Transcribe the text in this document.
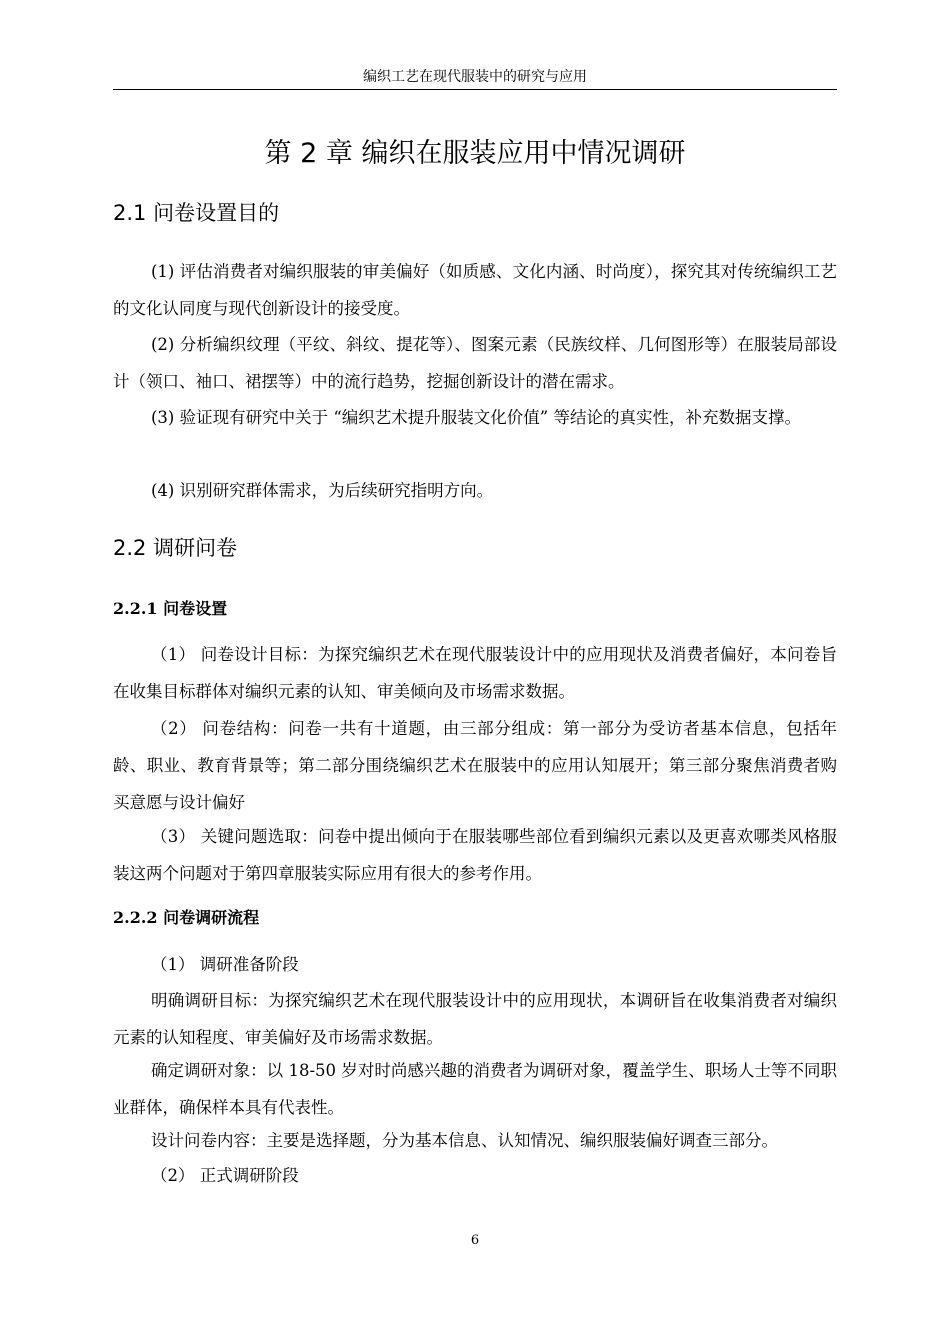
编织工艺在现代服装中的研究与应用
第 2 章 编织在服装应用中情况调研
2.1 问卷设置目的
(1) 评估消费者对编织服装的审美偏好（如质感、文化内涵、时尚度），探究其对传统编织工艺的文化认同度与现代创新设计的接受度。
(2) 分析编织纹理（平纹、斜纹、提花等）、图案元素（民族纹样、几何图形等）在服装局部设计（领口、袖口、裙摆等）中的流行趋势，挖掘创新设计的潜在需求。
(3) 验证现有研究中关于 “编织艺术提升服装文化价值” 等结论的真实性，补充数据支撑。
(4) 识别研究群体需求，为后续研究指明方向。
2.2 调研问卷
2.2.1 问卷设置
（1） 问卷设计目标：为探究编织艺术在现代服装设计中的应用现状及消费者偏好，本问卷旨在收集目标群体对编织元素的认知、审美倾向及市场需求数据。
（2） 问卷结构：问卷一共有十道题，由三部分组成：第一部分为受访者基本信息，包括年龄、职业、教育背景等；第二部分围绕编织艺术在服装中的应用认知展开；第三部分聚焦消费者购买意愿与设计偏好
（3） 关键问题选取：问卷中提出倾向于在服装哪些部位看到编织元素以及更喜欢哪类风格服装这两个问题对于第四章服装实际应用有很大的参考作用。
2.2.2 问卷调研流程
（1） 调研准备阶段
明确调研目标：为探究编织艺术在现代服装设计中的应用现状，本调研旨在收集消费者对编织元素的认知程度、审美偏好及市场需求数据。
确定调研对象：以 18-50 岁对时尚感兴趣的消费者为调研对象，覆盖学生、职场人士等不同职业群体，确保样本具有代表性。
设计问卷内容：主要是选择题，分为基本信息、认知情况、编织服装偏好调查三部分。
（2） 正式调研阶段
6
